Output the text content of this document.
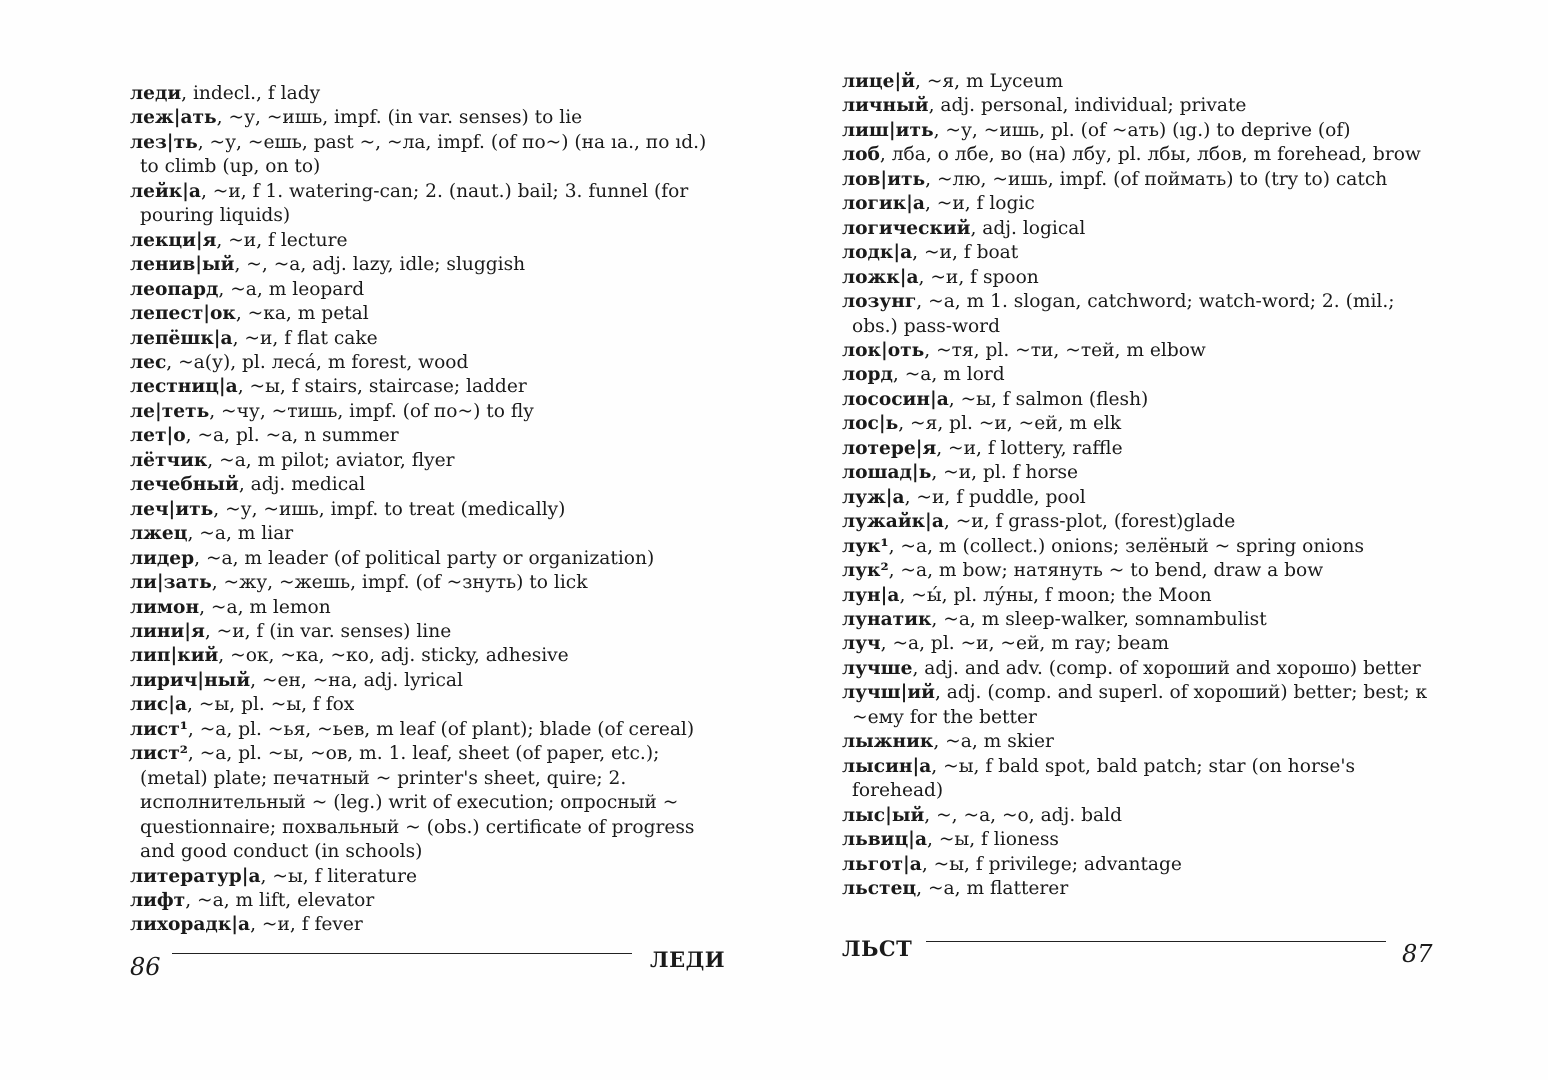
леди, indecl., f lady
леж|ать, ~у, ~ишь, impf. (in var. senses) to lie
лез|ть, ~у, ~ешь, past ~, ~ла, impf. (of по~) (на ıa., по ıd.) to climb (up, on to)
лейк|а, ~и, f 1. watering-can; 2. (naut.) bail; 3. funnel (for pouring liquids)
лекци|я, ~и, f lecture
ленив|ый, ~, ~а, adj. lazy, idle; sluggish
леопард, ~а, m leopard
лепест|ок, ~ка, m petal
лепёшк|а, ~и, f flat cake
лес, ~а(у), pl. леса́, m forest, wood
лестниц|а, ~ы, f stairs, staircase; ladder
ле|теть, ~чу, ~тишь, impf. (of по~) to fly
лет|о, ~а, pl. ~а, n summer
лётчик, ~а, m pilot; aviator, flyer
лечебный, adj. medical
леч|ить, ~у, ~ишь, impf. to treat (medically)
лжец, ~а, m liar
лидер, ~а, m leader (of political party or organization)
ли|зать, ~жу, ~жешь, impf. (of ~знуть) to lick
лимон, ~а, m lemon
лини|я, ~и, f (in var. senses) line
лип|кий, ~ок, ~ка, ~ко, adj. sticky, adhesive
лирич|ный, ~ен, ~на, adj. lyrical
лис|а, ~ы, pl. ~ы, f fox
лист¹, ~а, pl. ~ья, ~ьев, m leaf (of plant); blade (of cereal)
лист², ~а, pl. ~ы, ~ов, m. 1. leaf, sheet (of paper, etc.); (metal) plate; печатный ~ printer's sheet, quire; 2. исполнительный ~ (leg.) writ of execution; опросный ~ questionnaire; похвальный ~ (obs.) certificate of progress and good conduct (in schools)
литератур|а, ~ы, f literature
лифт, ~а, m lift, elevator
лихорадк|а, ~и, f fever
86	ЛЕДИ
лице|й, ~я, m Lyceum
личный, adj. personal, individual; private
лиш|ить, ~у, ~ишь, pl. (of ~ать) (ıg.) to deprive (of)
лоб, лба, о лбе, во (на) лбу, pl. лбы, лбов, m forehead, brow
лов|ить, ~лю, ~ишь, impf. (of поймать) to (try to) catch
логик|а, ~и, f logic
логический, adj. logical
лодк|а, ~и, f boat
ложк|а, ~и, f spoon
лозунг, ~а, m 1. slogan, catchword; watch-word; 2. (mil.; obs.) pass-word
лок|оть, ~тя, pl. ~ти, ~тей, m elbow
лорд, ~а, m lord
лососин|а, ~ы, f salmon (flesh)
лос|ь, ~я, pl. ~и, ~ей, m elk
лотере|я, ~и, f lottery, raffle
лошад|ь, ~и, pl. f horse
луж|а, ~и, f puddle, pool
лужайк|а, ~и, f grass-plot, (forest)glade
лук¹, ~а, m (collect.) onions; зелёный ~ spring onions
лук², ~а, m bow; натянуть ~ to bend, draw a bow
лун|а, ~ы́, pl. лу́ны, f moon; the Moon
лунатик, ~а, m sleep-walker, somnambulist
луч, ~а, pl. ~и, ~ей, m ray; beam
лучше, adj. and adv. (comp. of хороший and хорошо) better
лучш|ий, adj. (comp. and superl. of хороший) better; best; к ~ему for the better
лыжник, ~а, m skier
лысин|а, ~ы, f bald spot, bald patch; star (on horse's forehead)
лыс|ый, ~, ~а, ~о, adj. bald
львиц|а, ~ы, f lioness
льгот|а, ~ы, f privilege; advantage
льстец, ~а, m flatterer
ЛЬСТ	87
